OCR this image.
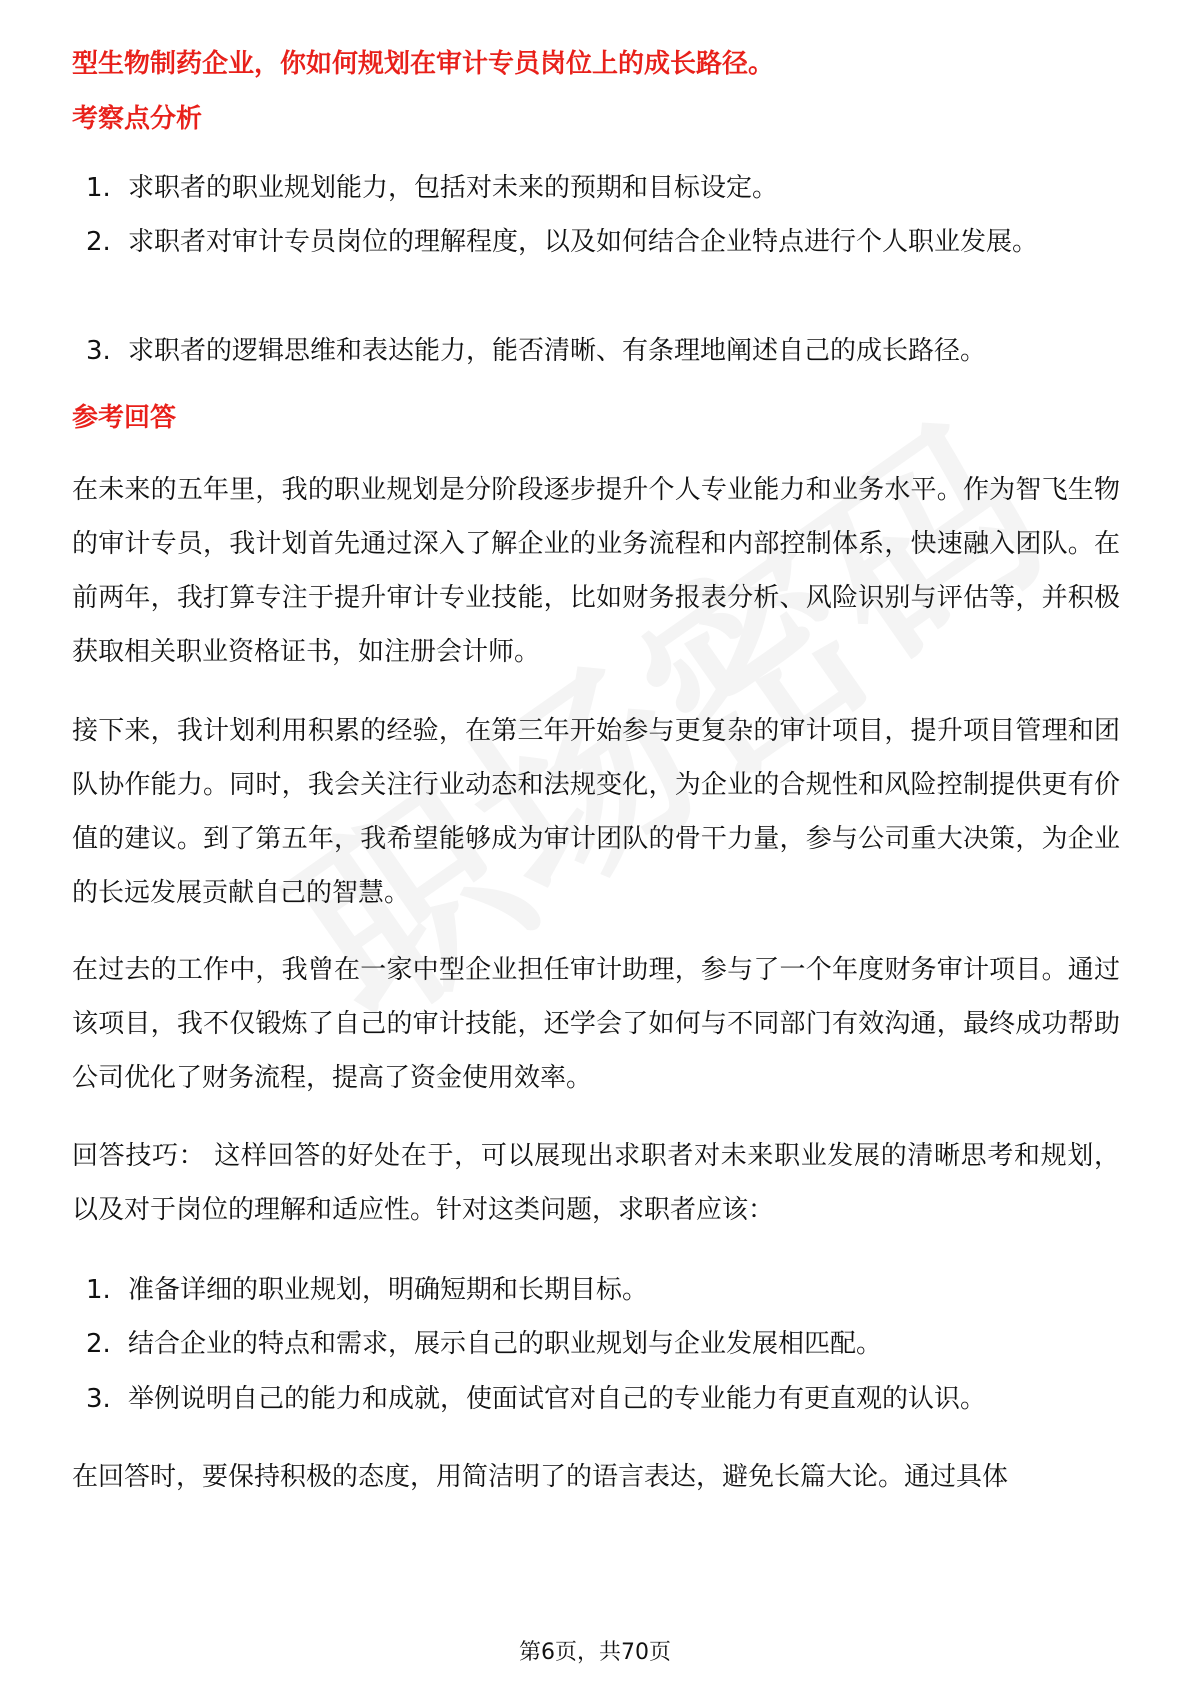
型生物制药企业，你如何规划在审计专员岗位上的成长路径。
考察点分析
1. 求职者的职业规划能力，包括对未来的预期和目标设定。
2. 求职者对审计专员岗位的理解程度，以及如何结合企业特点进行个人职业发展。
3. 求职者的逻辑思维和表达能力，能否清晰、有条理地阐述自己的成长路径。
参考回答
在未来的五年里，我的职业规划是分阶段逐步提升个人专业能力和业务水平。作为智飞生物的审计专员，我计划首先通过深入了解企业的业务流程和内部控制体系，快速融入团队。在前两年，我打算专注于提升审计专业技能，比如财务报表分析、风险识别与评估等，并积极获取相关职业资格证书，如注册会计师。
接下来，我计划利用积累的经验，在第三年开始参与更复杂的审计项目，提升项目管理和团队协作能力。同时，我会关注行业动态和法规变化，为企业的合规性和风险控制提供更有价值的建议。到了第五年，我希望能够成为审计团队的骨干力量，参与公司重大决策，为企业的长远发展贡献自己的智慧。
在过去的工作中，我曾在一家中型企业担任审计助理，参与了一个年度财务审计项目。通过该项目，我不仅锻炼了自己的审计技能，还学会了如何与不同部门有效沟通，最终成功帮助公司优化了财务流程，提高了资金使用效率。
回答技巧： 这样回答的好处在于，可以展现出求职者对未来职业发展的清晰思考和规划，以及对于岗位的理解和适应性。针对这类问题，求职者应该：
1. 准备详细的职业规划，明确短期和长期目标。
2. 结合企业的特点和需求，展示自己的职业规划与企业发展相匹配。
3. 举例说明自己的能力和成就，使面试官对自己的专业能力有更直观的认识。
在回答时，要保持积极的态度，用简洁明了的语言表达，避免长篇大论。通过具体
第6页，共70页
